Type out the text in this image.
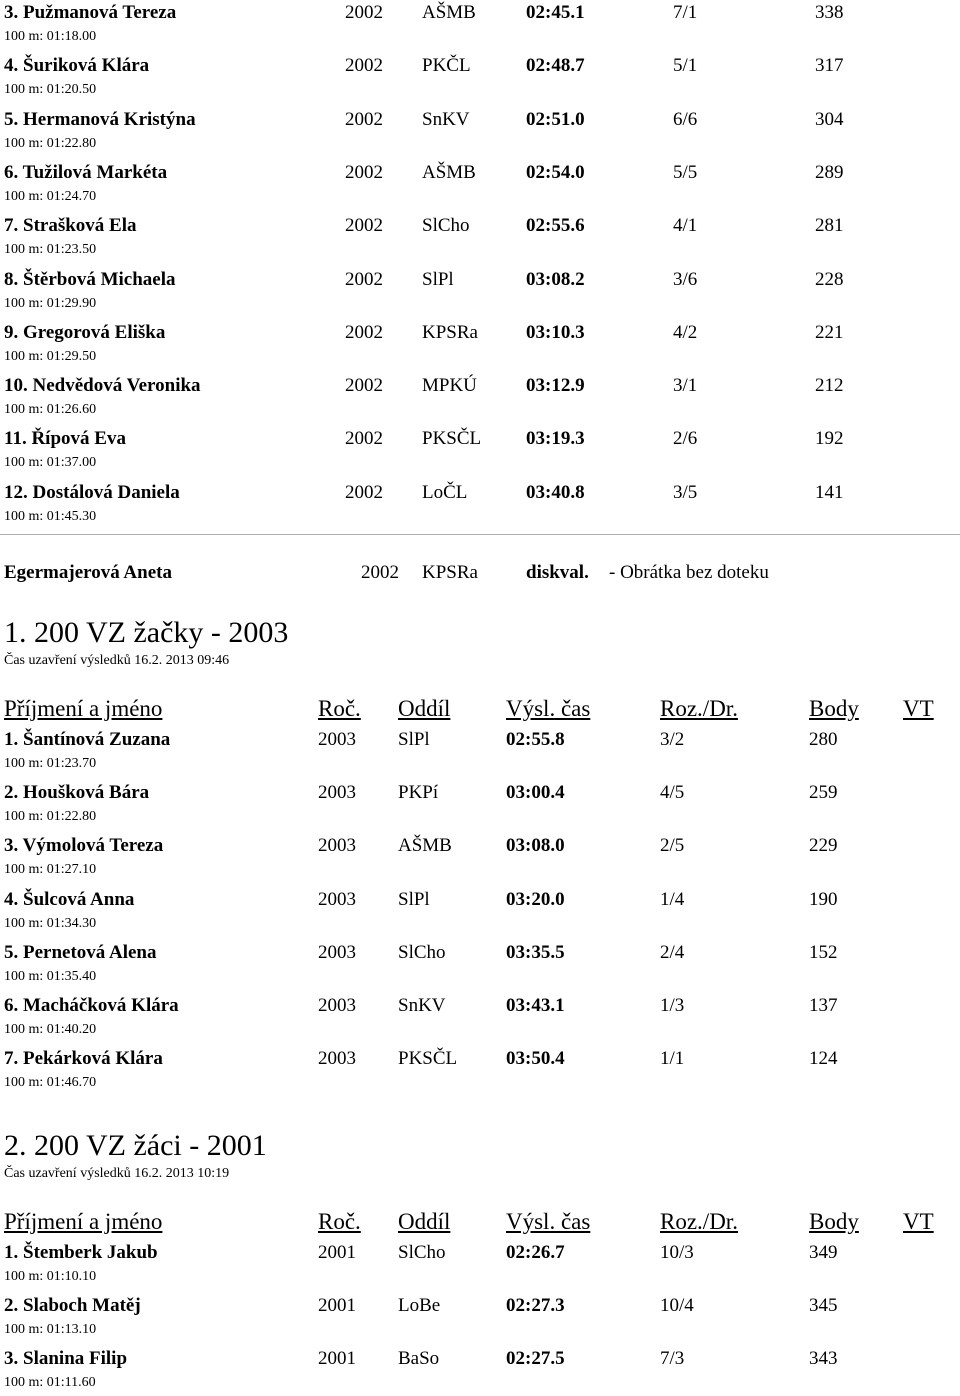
3. Pužmanová Tereza	2002 AŠMB	02:45.1	7/1	338
100 m: 01:18.00
4. Šuriková Klára	2002 PKČL	02:48.7	5/1	317
100 m: 01:20.50
5. Hermanová Kristýna	2002 SnKV	02:51.0	6/6	304
100 m: 01:22.80
6. Tužilová Markéta	2002 AŠMB	02:54.0	5/5	289
100 m: 01:24.70
7. Strašková Ela	2002 SlCho	02:55.6	4/1	281
100 m: 01:23.50
8. Štěrbová Michaela	2002 SlPl	03:08.2	3/6	228
100 m: 01:29.90
9. Gregorová Eliška	2002 KPSRa	03:10.3	4/2	221
100 m: 01:29.50
10. Nedvědová Veronika	2002 MPKÚ	03:12.9	3/1	212
100 m: 01:26.60
11. Řípová Eva	2002 PKSČL 03:19.3	2/6	192
100 m: 01:37.00
12. Dostálová Daniela	2002 LoČL	03:40.8	3/5	141
100 m: 01:45.30
Egermajerová Aneta	2002 KPSRa	diskval. - Obrátka bez doteku
1. 200 VZ žačky - 2003
Čas uzavření výsledků 16.2. 2013 09:46
Příjmení a jméno	Roč. Oddíl Výsl. čas	Roz./Dr.	Body VT
1. Šantínová Zuzana	2003 SlPl	02:55.8	3/2	280
100 m: 01:23.70
2. Houšková Bára	2003 PKPí	03:00.4	4/5	259
100 m: 01:22.80
3. Výmolová Tereza	2003 AŠMB	03:08.0	2/5	229
100 m: 01:27.10
4. Šulcová Anna	2003 SlPl	03:20.0	1/4	190
100 m: 01:34.30
5. Pernetová Alena	2003 SlCho	03:35.5	2/4	152
100 m: 01:35.40
6. Macháčková Klára	2003 SnKV	03:43.1	1/3	137
100 m: 01:40.20
7. Pekárková Klára	2003 PKSČL	03:50.4	1/1	124
100 m: 01:46.70
2. 200 VZ žáci - 2001
Čas uzavření výsledků 16.2. 2013 10:19
Příjmení a jméno	Roč. Oddíl Výsl. čas	Roz./Dr.	Body VT
1. Štemberk Jakub	2001 SlCho	02:26.7	10/3	349
100 m: 01:10.10
2. Slaboch Matěj	2001 LoBe	02:27.3	10/4	345
100 m: 01:13.10
3. Slanina Filip	2001 BaSo	02:27.5	7/3	343
100 m: 01:11.60
